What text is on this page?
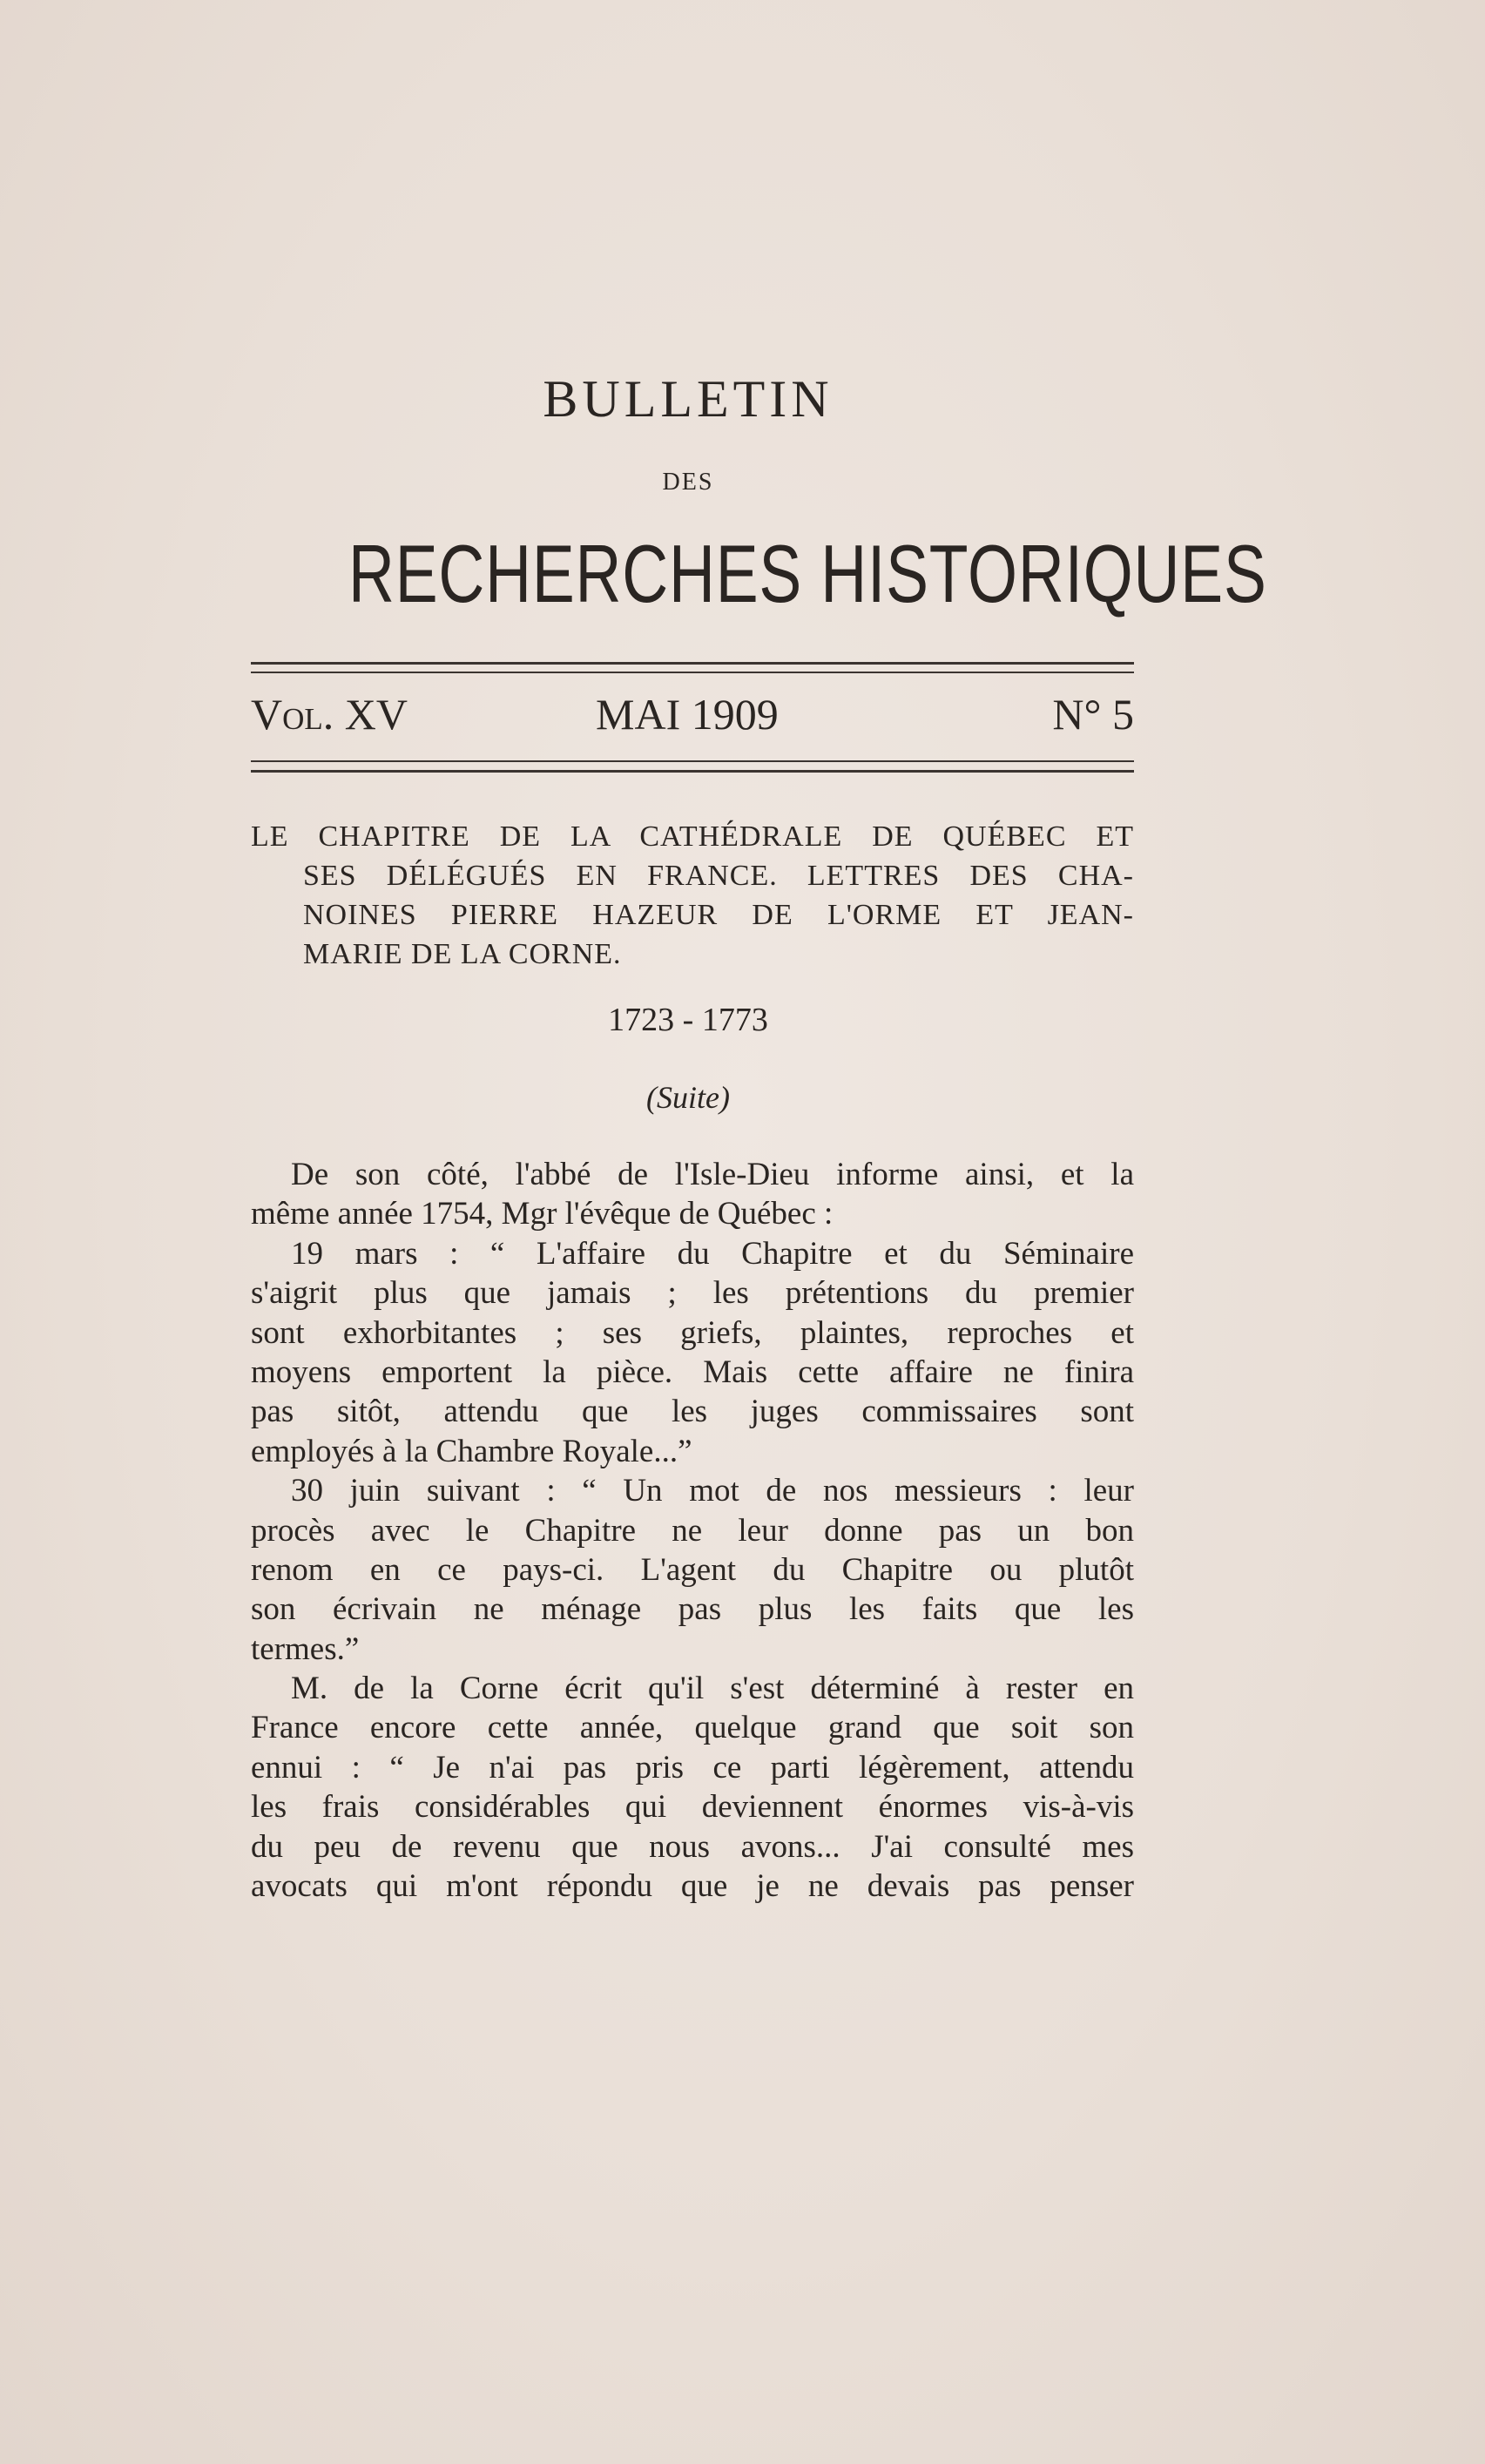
BULLETIN
DES
RECHERCHES HISTORIQUES
Vol. XV	MAI 1909	N° 5
LE CHAPITRE DE LA CATHÉDRALE DE QUÉBEC ET
SES DÉLÉGUÉS EN FRANCE. LETTRES DES CHA-
NOINES PIERRE HAZEUR DE L'ORME ET JEAN-
MARIE DE LA CORNE.
1723 - 1773
(Suite)
De son côté, l'abbé de l'Isle-Dieu informe ainsi, et la
même année 1754, Mgr l'évêque de Québec :
19 mars : “ L'affaire du Chapitre et du Séminaire
s'aigrit plus que jamais ; les prétentions du premier
sont exhorbitantes ; ses griefs, plaintes, reproches et
moyens emportent la pièce. Mais cette affaire ne finira
pas sitôt, attendu que les juges commissaires sont
employés à la Chambre Royale...”
30 juin suivant : “ Un mot de nos messieurs : leur
procès avec le Chapitre ne leur donne pas un bon
renom en ce pays-ci. L'agent du Chapitre ou plutôt
son écrivain ne ménage pas plus les faits que les
termes.”
M. de la Corne écrit qu'il s'est déterminé à rester en
France encore cette année, quelque grand que soit son
ennui : “ Je n'ai pas pris ce parti légèrement, attendu
les frais considérables qui deviennent énormes vis-à-vis
du peu de revenu que nous avons... J'ai consulté mes
avocats qui m'ont répondu que je ne devais pas penser
